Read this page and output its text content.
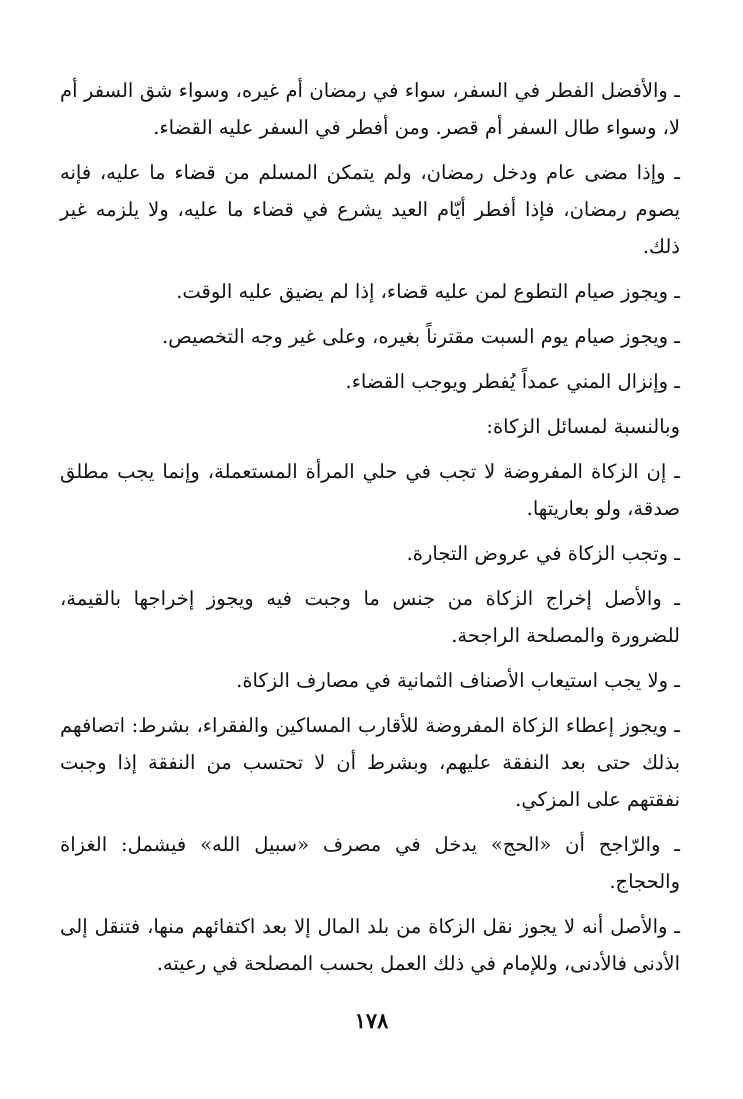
ـ والأفضل الفطر في السفر، سواء في رمضان أم غيره، وسواء شق السفر أم لا، وسواء طال السفر أم قصر. ومن أفطر في السفر عليه القضاء.

ـ وإذا مضى عام ودخل رمضان، ولم يتمكن المسلم من قضاء ما عليه، فإنه يصوم رمضان، فإذا أفطر أيّام العيد يشرع في قضاء ما عليه، ولا يلزمه غير ذلك.

ـ ويجوز صيام التطوع لمن عليه قضاء، إذا لم يضيق عليه الوقت.

ـ ويجوز صيام يوم السبت مقترناً بغيره، وعلى غير وجه التخصيص.

ـ وإنزال المني عمداً يُفطر ويوجب القضاء.

وبالنسبة لمسائل الزكاة:

ـ إن الزكاة المفروضة لا تجب في حلي المرأة المستعملة، وإنما يجب مطلق صدقة، ولو بعاريتها.

ـ وتجب الزكاة في عروض التجارة.

ـ والأصل إخراج الزكاة من جنس ما وجبت فيه ويجوز إخراجها بالقيمة، للضرورة والمصلحة الراجحة.

ـ ولا يجب استيعاب الأصناف الثمانية في مصارف الزكاة.

ـ ويجوز إعطاء الزكاة المفروضة للأقارب المساكين والفقراء، بشرط: اتصافهم بذلك حتى بعد النفقة عليهم، وبشرط أن لا تحتسب من النفقة إذا وجبت نفقتهم على المزكي.

ـ والرّاجح أن «الحج» يدخل في مصرف «سبيل الله» فيشمل: الغزاة والحجاج.

ـ والأصل أنه لا يجوز نقل الزكاة من بلد المال إلا بعد اكتفائهم منها، فتنقل إلى الأدنى فالأدنى، وللإمام في ذلك العمل بحسب المصلحة في رعيته.

١٧٨
